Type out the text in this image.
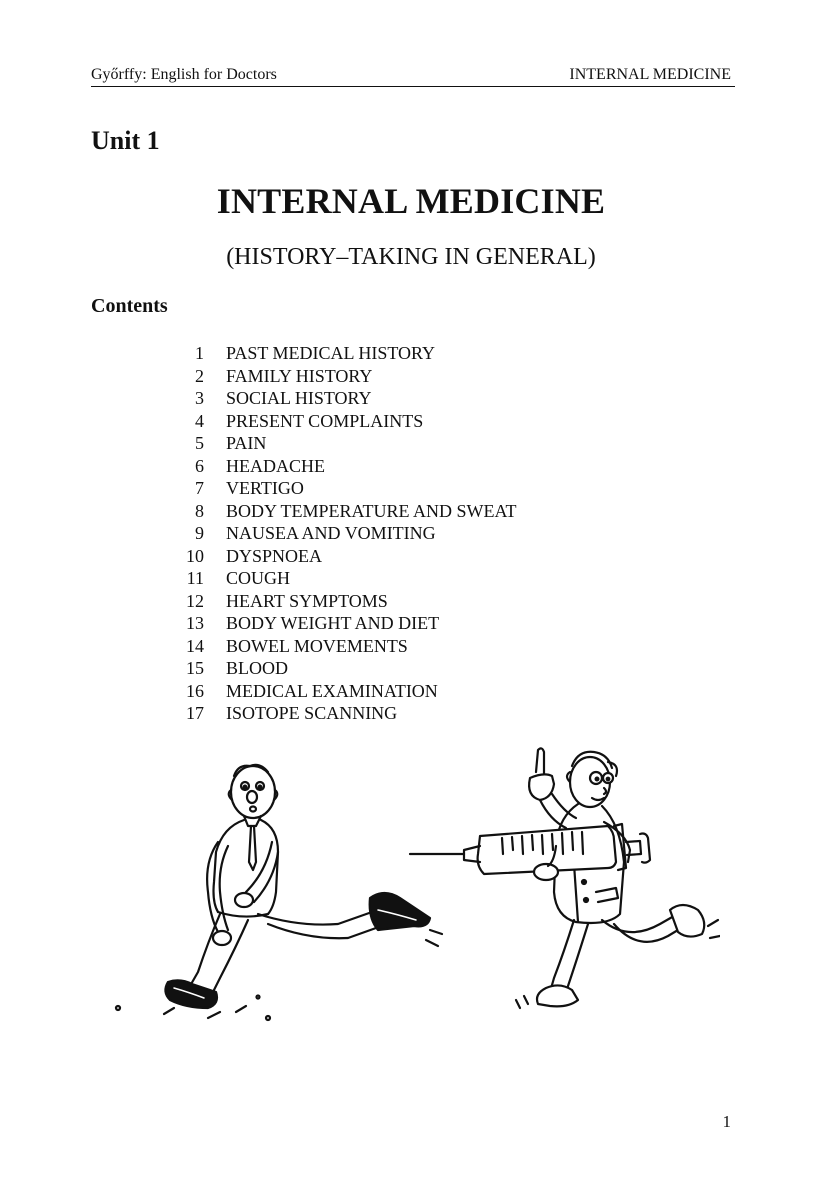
Győrffy: English for Doctors	INTERNAL MEDICINE
Unit 1
INTERNAL MEDICINE
(HISTORY–TAKING IN GENERAL)
Contents
1 PAST MEDICAL HISTORY
2 FAMILY HISTORY
3 SOCIAL HISTORY
4 PRESENT COMPLAINTS
5 PAIN
6 HEADACHE
7 VERTIGO
8 BODY TEMPERATURE AND SWEAT
9 NAUSEA AND VOMITING
10 DYSPNOEA
11 COUGH
12 HEART SYMPTOMS
13 BODY WEIGHT AND DIET
14 BOWEL MOVEMENTS
15 BLOOD
16 MEDICAL EXAMINATION
17 ISOTOPE SCANNING
1
